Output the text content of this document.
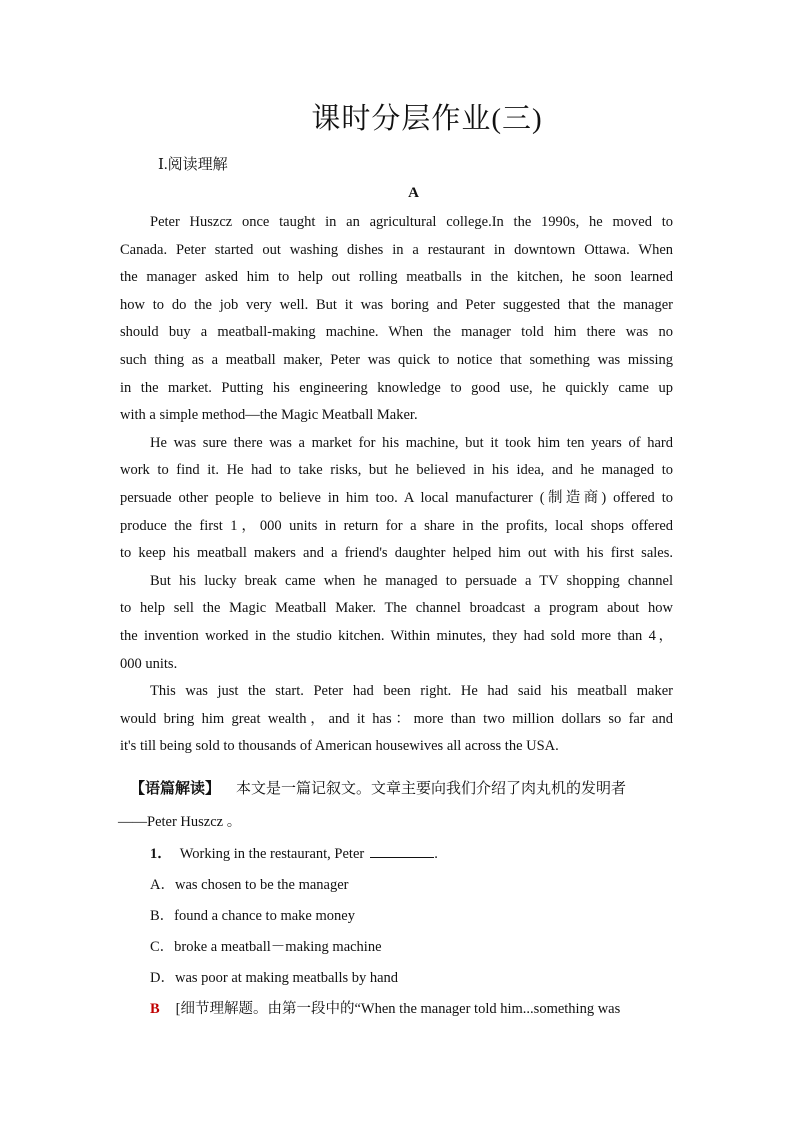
课时分层作业(三)
Ⅰ.阅读理解
A
Peter Huszcz once taught in an agricultural college.In the 1990s, he moved to
Canada. Peter started out washing dishes in a restaurant in downtown Ottawa. When
the manager asked him to help out rolling meatballs in the kitchen, he soon learned
how to do the job very well. But it was boring and Peter suggested that the manager
should buy a meatball-making machine. When the manager told him there was no
such thing as a meatball maker, Peter was quick to notice that something was missing
in the market. Putting his engineering knowledge to good use, he quickly came up
with a simple method—the Magic Meatball Maker.
He was sure there was a market for his machine, but it took him ten years of hard
work to find it. He had to take risks, but he believed in his idea, and he managed to
persuade other people to believe in him too. A local manufacturer (制造商) offered to
produce the first 1，000 units in return for a share in the profits, local shops offered
to keep his meatball makers and a friend's daughter helped him out with his first sales.
But his lucky break came when he managed to persuade a TV shopping channel
to help sell the Magic Meatball Maker. The channel broadcast a program about how
the invention worked in the studio kitchen. Within minutes, they had sold more than 4，
000 units.
This was just the start. Peter had been right. He had said his meatball maker
would bring him great wealth，and it has：more than two million dollars so far and
it's till being sold to thousands of American housewives all across the USA.
【语篇解读】 本文是一篇记叙文。文章主要向我们介绍了肉丸机的发明者
——Peter Huszcz 。
1． Working in the restaurant, Peter	.
A．was chosen to be the manager
B．found a chance to make money
C．broke a meatball－making machine
D．was poor at making meatballs by hand
B [细节理解题。由第一段中的“When the manager told him...something was
